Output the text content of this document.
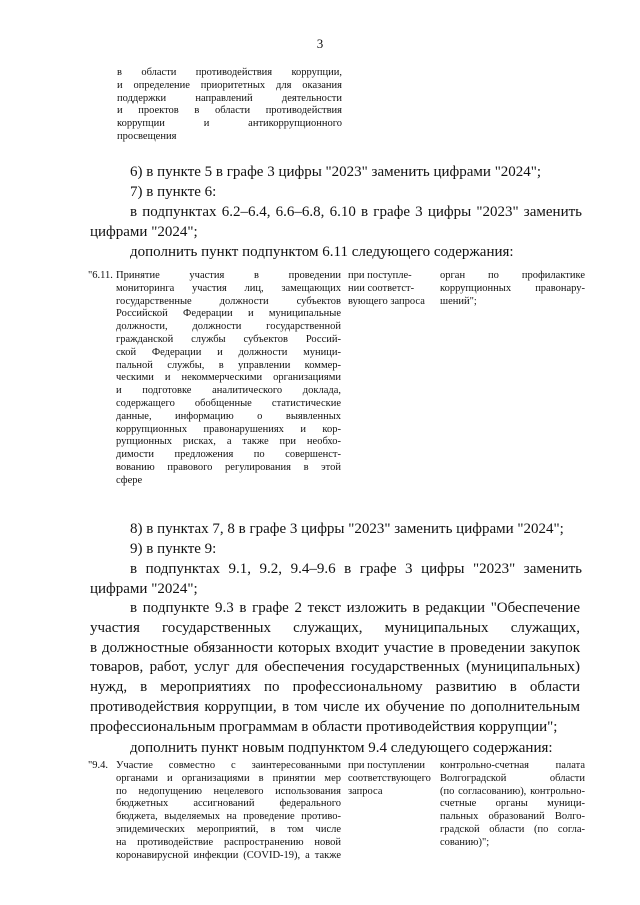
3
в области противодействия коррупции,
и определение приоритетных для оказания
поддержки направлений деятельности
и проектов в области противодействия
коррупции и антикоррупционного
просвещения
6) в пункте 5 в графе 3 цифры "2023" заменить цифрами "2024";
7) в пункте 6:
в подпунктах 6.2–6.4, 6.6–6.8, 6.10 в графе 3 цифры "2023" заменить
цифрами "2024";
дополнить пункт подпунктом 6.11 следующего содержания:
"6.11. Принятие участия в проведении
мониторинга участия лиц, замещающих
государственные должности субъектов
Российской Федерации и муниципальные
должности, должности государственной
гражданской службы субъектов Россий-
ской Федерации и должности муници-
пальной службы, в управлении коммер-
ческими и некоммерческими организациями
и подготовке аналитического доклада,
содержащего обобщенные статистические
данные, информацию о выявленных
коррупционных правонарушениях и кор-
рупционных рисках, а также при необхо-
димости предложения по совершенст-
вованию правового регулирования в этой
сфере
при поступле-
нии соответст-
вующего запроса
орган по профилактике
коррупционных правонару-
шений";
8) в пунктах 7, 8 в графе 3 цифры "2023" заменить цифрами "2024";
9) в пункте 9:
в подпунктах 9.1, 9.2, 9.4–9.6 в графе 3 цифры "2023" заменить
цифрами "2024";
в подпункте 9.3 в графе 2 текст изложить в редакции "Обеспечение
участия государственных служащих, муниципальных служащих,
в должностные обязанности которых входит участие в проведении закупок
товаров, работ, услуг для обеспечения государственных (муниципальных)
нужд, в мероприятиях по профессиональному развитию в области
противодействия коррупции, в том числе их обучение по дополнительным
профессиональным программам в области противодействия коррупции";
дополнить пункт новым подпунктом 9.4 следующего содержания:
"9.4. Участие совместно с заинтересованными
органами и организациями в принятии мер
по недопущению нецелевого использования
бюджетных ассигнований федерального
бюджета, выделяемых на проведение противо-
эпидемических мероприятий, в том числе
на противодействие распространению новой
коронавирусной инфекции (COVID-19), а также
при поступлении
соответствующего
запроса
контрольно-счетная палата
Волгоградской области
(по согласованию), контрольно-
счетные органы муници-
пальных образований Волго-
градской области (по согла-
сованию)";
